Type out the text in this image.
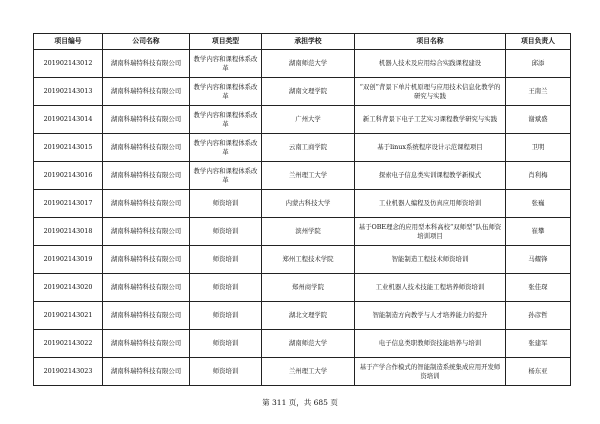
项目编号	公司名称	项目类型	承担学校	项目名称	项目负责人
201902143012	湖南科瑞特科技有限公司	教学内容和课程体系改革	湖南师范大学	机器人技术及应用综合实践课程建设	邱添
201902143013	湖南科瑞特科技有限公司	教学内容和课程体系改革	湖南文理学院	“双创”背景下单片机原理与应用技术信息化教学的研究与实践	王南兰
201902143014	湖南科瑞特科技有限公司	教学内容和课程体系改革	广州大学	新工科背景下电子工艺实习课程教学研究与实践	谢斌盛
201902143015	湖南科瑞特科技有限公司	教学内容和课程体系改革	云南工商学院	基于linux系统程序设计示范课程项目	卫明
201902143016	湖南科瑞特科技有限公司	教学内容和课程体系改革	兰州理工大学	探索电子信息类实训课程教学新模式	肖利梅
201902143017	湖南科瑞特科技有限公司	师资培训	内蒙古科技大学	工业机器人编程及仿真应用师资培训	张巍
201902143018	湖南科瑞特科技有限公司	师资培训	滨州学院	基于OBE理念的应用型本科高校“双师型”队伍师资培训项目	崔攀
201902143019	湖南科瑞特科技有限公司	师资培训	郑州工程技术学院	智能制造工程技术师资培训	马耀锋
201902143020	湖南科瑞特科技有限公司	师资培训	郑州商学院	工业机器人技术技能工程培养师资培训	张佳琛
201902143021	湖南科瑞特科技有限公司	师资培训	湖北文理学院	智能制造方向教学与人才培养能力的提升	孙彦哲
201902143022	湖南科瑞特科技有限公司	师资培训	湖南师范大学	电子信息类职教师资技能培养与培训	张建军
201902143023	湖南科瑞特科技有限公司	师资培训	兰州理工大学	基于产学合作模式的智能制造系统集成应用开发师资培训	杨东亚
第 311 页，共 685 页
